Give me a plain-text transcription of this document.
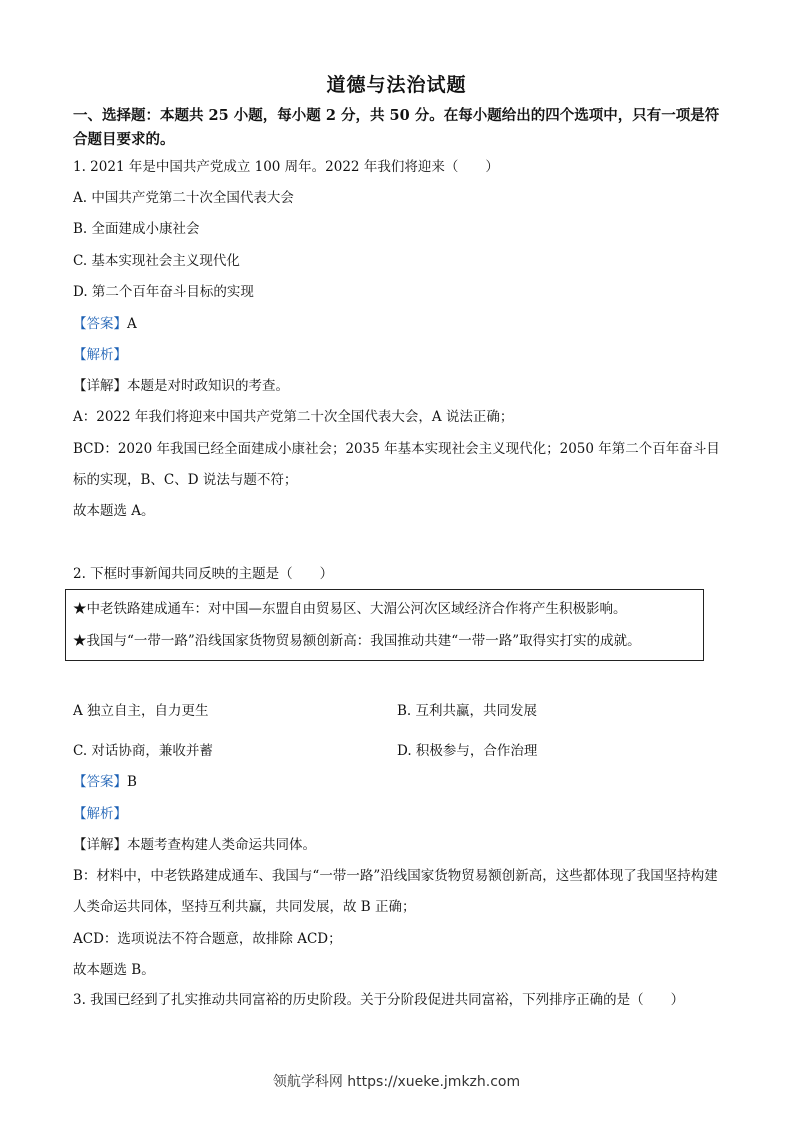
道德与法治试题
一、选择题：本题共 25 小题，每小题 2 分，共 50 分。在每小题给出的四个选项中，只有一项是符合题目要求的。
1. 2021 年是中国共产党成立 100 周年。2022 年我们将迎来（　　）
A. 中国共产党第二十次全国代表大会
B. 全面建成小康社会
C. 基本实现社会主义现代化
D. 第二个百年奋斗目标的实现
【答案】A
【解析】
【详解】本题是对时政知识的考查。
A：2022 年我们将迎来中国共产党第二十次全国代表大会，A 说法正确；
BCD：2020 年我国已经全面建成小康社会；2035 年基本实现社会主义现代化；2050 年第二个百年奋斗目标的实现，B、C、D 说法与题不符；
故本题选 A。
2. 下框时事新闻共同反映的主题是（　　）
★中老铁路建成通车：对中国—东盟自由贸易区、大湄公河次区域经济合作将产生积极影响。
★我国与“一带一路”沿线国家货物贸易额创新高：我国推动共建“一带一路”取得实打实的成就。
A 独立自主，自力更生	B. 互利共赢，共同发展
C. 对话协商，兼收并蓄	D. 积极参与，合作治理
【答案】B
【解析】
【详解】本题考查构建人类命运共同体。
B：材料中，中老铁路建成通车、我国与“一带一路”沿线国家货物贸易额创新高，这些都体现了我国坚持构建人类命运共同体，坚持互利共赢，共同发展，故 B 正确；
ACD：选项说法不符合题意，故排除 ACD；
故本题选 B。
3. 我国已经到了扎实推动共同富裕的历史阶段。关于分阶段促进共同富裕，下列排序正确的是（　　）
领航学科网 https://xueke.jmkzh.com
